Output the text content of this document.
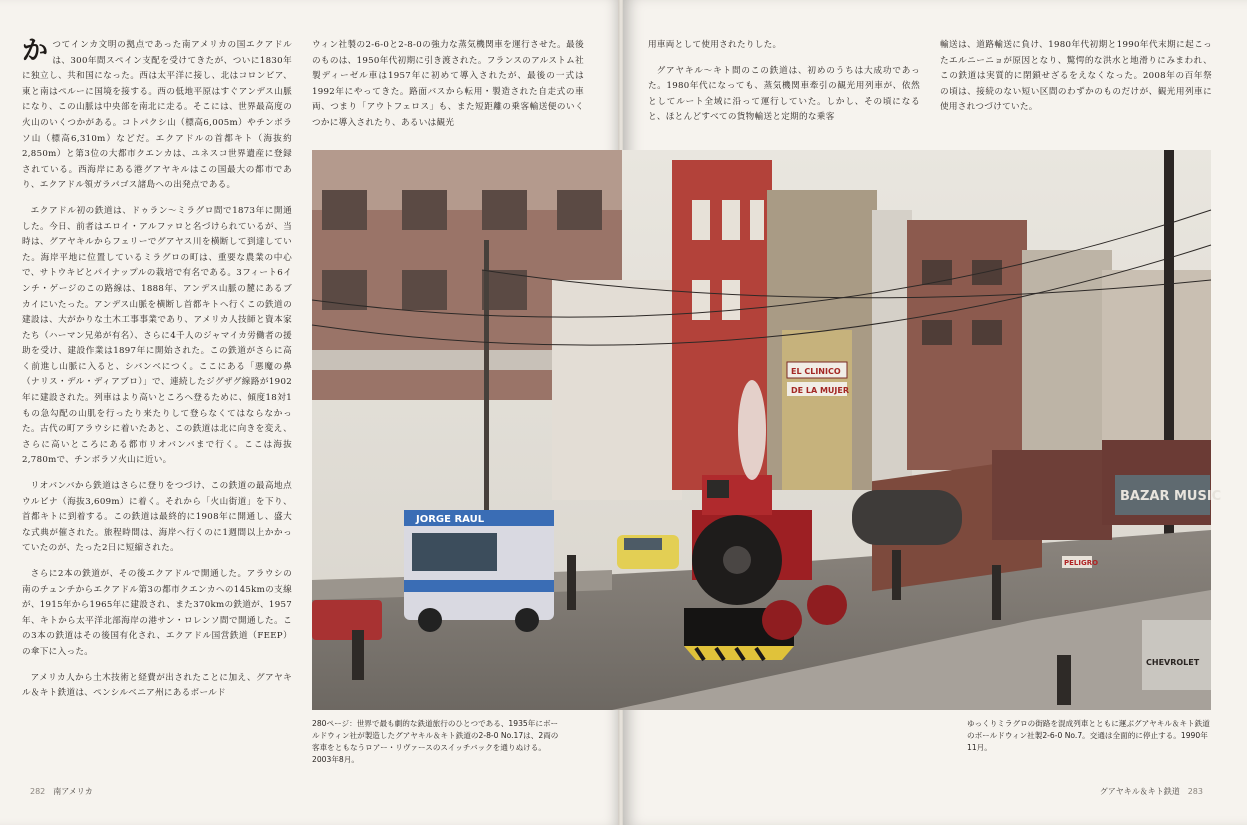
かつてインカ文明の拠点であった南アメリカの国エクアドルは、300年間スペイン支配を受けてきたが、ついに1830年に独立し、共和国になった。西は太平洋に接し、北はコロンビア、東と南はペルーに国境を接する。西の低地平原はすぐアンデス山脈になり、この山脈は中央部を南北に走る。そこには、世界最高度の火山のいくつかがある。コトパクシ山（標高6,005m）やチンボラソ山（標高6,310m）などだ。エクアドルの首都キト（海抜約2,850m）と第3位の大都市クエンカは、ユネスコ世界遺産に登録されている。西海岸にある港グアヤキルはこの国最大の都市であり、エクアドル領ガラパゴス諸島への出発点である。

エクアドル初の鉄道は、ドゥラン〜ミラグロ間で1873年に開通した。今日、前者はエロイ・アルファロと名づけられているが、当時は、グアヤキルからフェリーでグアヤス川を横断して到達していた。海岸平地に位置しているミラグロの町は、重要な農業の中心で、サトウキビとパイナップルの栽培で有名である。3フィート6インチ・ゲージのこの路線は、1888年、アンデス山脈の麓にあるブカイにいたった。アンデス山脈を横断し首都キトへ行くこの鉄道の建設は、大がかりな土木工事事業であり、アメリカ人技師と資本家たち（ハーマン兄弟が有名）、さらに4千人のジャマイカ労働者の援助を受け、建設作業は1897年に開始された。この鉄道がさらに高く前進し山脈に入ると、シバンベにつく。ここにある「悪魔の鼻（ナリス・デル・ディアブロ）」で、連続したジグザグ線路が1902年に建設された。列車はより高いところへ登るために、傾度18対1もの急勾配の山肌を行ったり来たりして登らなくてはならなかった。古代の町アラウシに着いたあと、この鉄道は北に向きを変え、さらに高いところにある都市リオバンバまで行く。ここは海抜2,780mで、チンボラソ火山に近い。

リオバンバから鉄道はさらに登りをつづけ、この鉄道の最高地点ウルビナ（海抜3,609m）に着く。それから「火山街道」を下り、首都キトに到着する。この鉄道は最終的に1908年に開通し、盛大な式典が催された。旅程時間は、海岸へ行くのに1週間以上かかっていたのが、たった2日に短縮された。

さらに2本の鉄道が、その後エクアドルで開通した。アラウシの南のチュンチからエクアドル第3の都市クエンカへの145kmの支線が、1915年から1965年に建設され、また370kmの鉄道が、1957年、キトから太平洋北部海岸の港サン・ロレンソ間で開通した。この3本の鉄道はその後国有化され、エクアドル国営鉄道（FEEP）の傘下に入った。

アメリカ人から土木技術と経費が出されたことに加え、グアヤキル＆キト鉄道は、ペンシルベニア州にあるボールド

ウィン社製の2-6-0と2-8-0の強力な蒸気機関車を運行させた。最後のものは、1950年代初期に引き渡された。フランスのアルストム社製ディーゼル車は1957年に初めて導入されたが、最後の一式は1992年にやってきた。路面バスから転用・製造された自走式の車両、つまり「アウトフェロス」も、また短距離の乗客輸送便のいくつかに導入されたり、あるいは観光

280ページ：世界で最も劇的な鉄道旅行のひとつである、1935年にボールドウィン社が製造したグアヤキル＆キト鉄道の2-8-0 No.17は、2両の客車をともなうロアー・リヴァースのスイッチバックを通りぬける。2003年8月。
282 南アメリカ

用車両として使用されたりした。

グアヤキル〜キト間のこの鉄道は、初めのうちは大成功であった。1980年代になっても、蒸気機関車牽引の観光用列車が、依然としてルート全域に沿って運行していた。しかし、その頃になると、ほとんどすべての貨物輸送と定期的な乗客

輸送は、道路輸送に負け、1980年代初期と1990年代末期に起こったエルニーニョが原因となり、驚愕的な洪水と地滑りにみまわれ、この鉄道は実質的に閉鎖せざるをえなくなった。2008年の百年祭の頃は、接続のない短い区間のわずかのものだけが、観光用列車に使用されつづけていた。

ゆっくりミラグロの街路を混成列車とともに運ぶグアヤキル＆キト鉄道のボールドウィン社製2-6-0 No.7。交通は全面的に停止する。1990年11月。
グアヤキル＆キト鉄道 283
JORGE RAUL
EL CLINICO
DE LA MUJER
BAZAR MUSIC
PELIGRO
CHEVROLET
